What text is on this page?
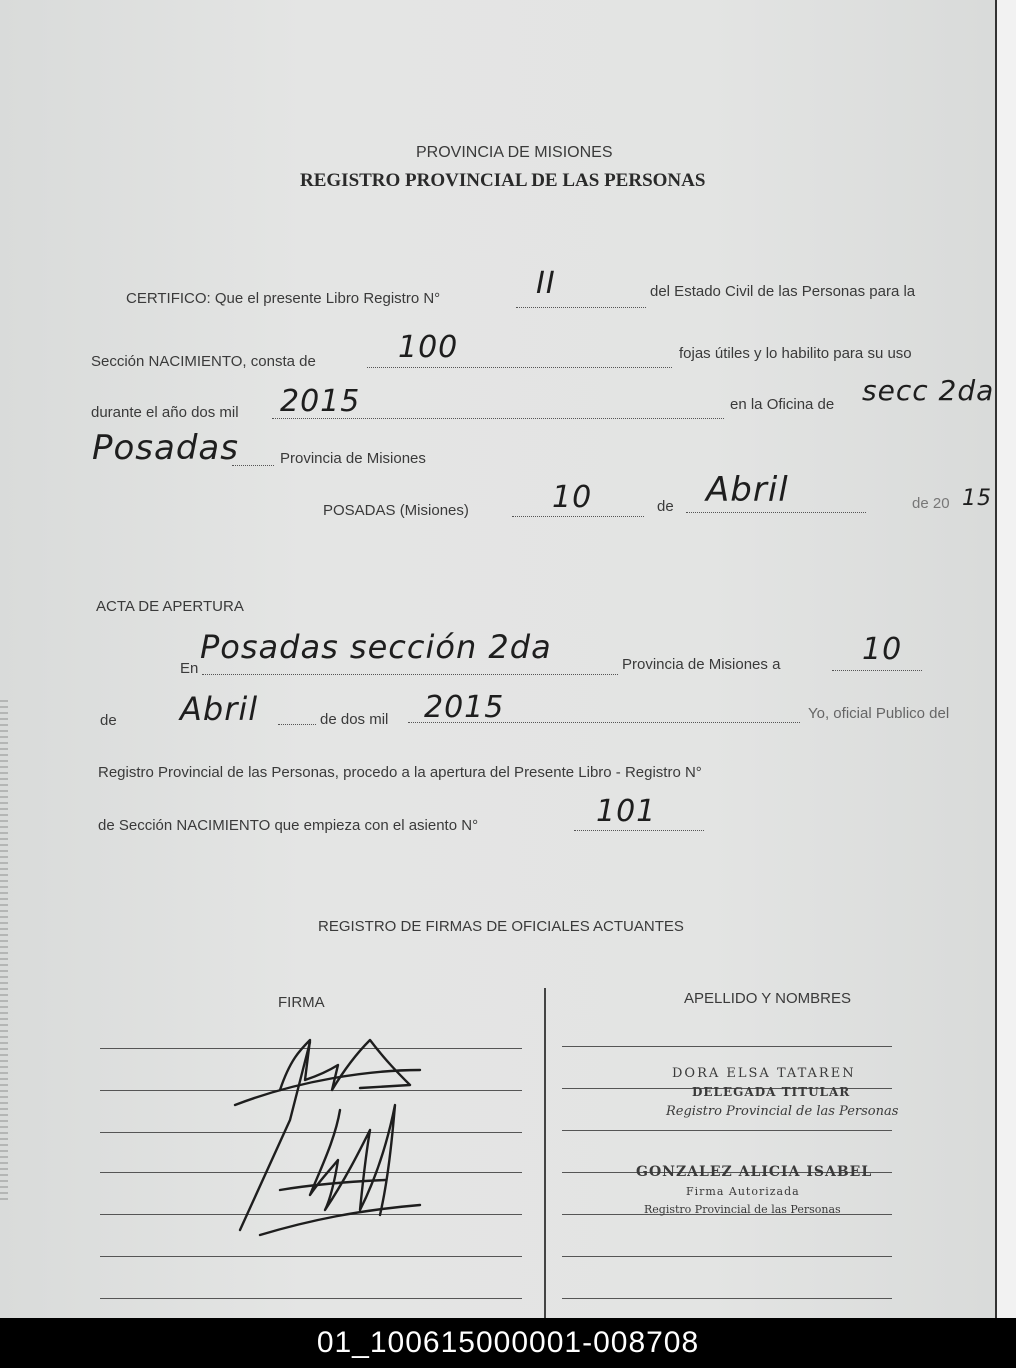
PROVINCIA DE MISIONES
REGISTRO PROVINCIAL DE LAS PERSONAS
CERTIFICO: Que el presente Libro Registro N°	II	del Estado Civil de las Personas para la
Sección NACIMIENTO, consta de	100	fojas útiles y lo habilito para su uso
durante el año dos mil 2015	en la Oficina de secc 2da
Posadas	Provincia de Misiones
POSADAS (Misiones)	10	de Abril	de 20 15
ACTA DE APERTURA
En
Posadas sección 2da	Provincia de Misiones a	10
de Abril	de dos mil 2015	Yo, oficial Publico del
Registro Provincial de las Personas, procedo a la apertura del Presente Libro - Registro N°
de Sección NACIMIENTO que empieza con el asiento N°	101
REGISTRO DE FIRMAS DE OFICIALES ACTUANTES
FIRMA	APELLIDO Y NOMBRES
DORA ELSA TATAREN
DELEGADA TITULAR
Registro Provincial de las Personas
GONZALEZ ALICIA ISABEL
Firma Autorizada
Registro Provincial de las Personas
01_100615000001-008708
